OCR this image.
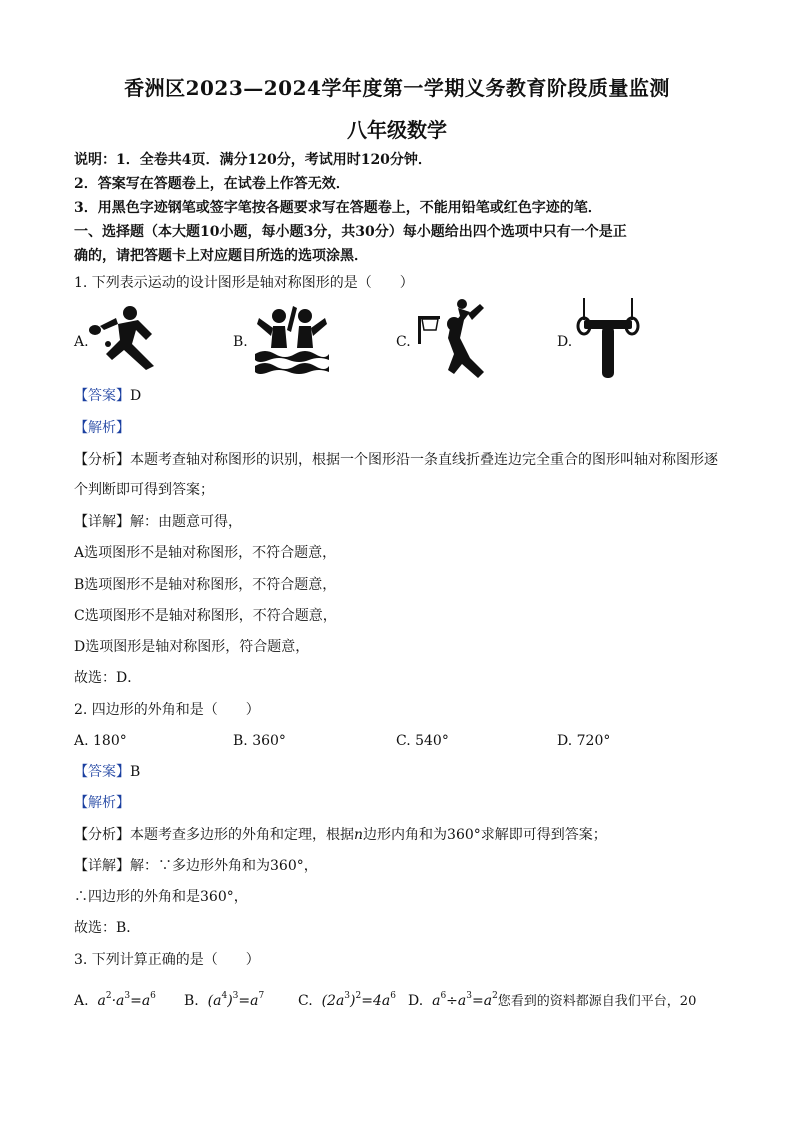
香洲区2023—2024学年度第一学期义务教育阶段质量监测
八年级数学
说明：1．全卷共4页．满分120分，考试用时120分钟．
2．答案写在答题卷上，在试卷上作答无效．
3．用黑色字迹钢笔或签字笔按各题要求写在答题卷上，不能用铅笔或红色字迹的笔．
一、选择题（本大题10小题，每小题3分，共30分）每小题给出四个选项中只有一个是正
确的，请把答题卡上对应题目所选的选项涂黑．
1. 下列表示运动的设计图形是轴对称图形的是（　　）
A.	B.	C.	D.
【答案】D
【解析】
【分析】本题考查轴对称图形的识别，根据一个图形沿一条直线折叠连边完全重合的图形叫轴对称图形逐
个判断即可得到答案；
【详解】解：由题意可得，
A选项图形不是轴对称图形，不符合题意，
B选项图形不是轴对称图形，不符合题意，
C选项图形不是轴对称图形，不符合题意，
D选项图形是轴对称图形，符合题意，
故选：D．
2. 四边形的外角和是（　　）
A. 180°	B. 360°	C. 540°	D. 720°
【答案】B
【解析】
【分析】本题考查多边形的外角和定理，根据n边形内角和为360°求解即可得到答案；
【详解】解：∵多边形外角和为360°，
∴四边形的外角和是360°，
故选：B．
3. 下列计算正确的是（　　）
A.  $a^2\cdot a^3=a^6$ B.  $(a^4)^3=a^7$ C.  $(2a^3)^2=4a^6$ D.  $a^6\div a^3=a^2$您看到的资料都源自我们平台，20
